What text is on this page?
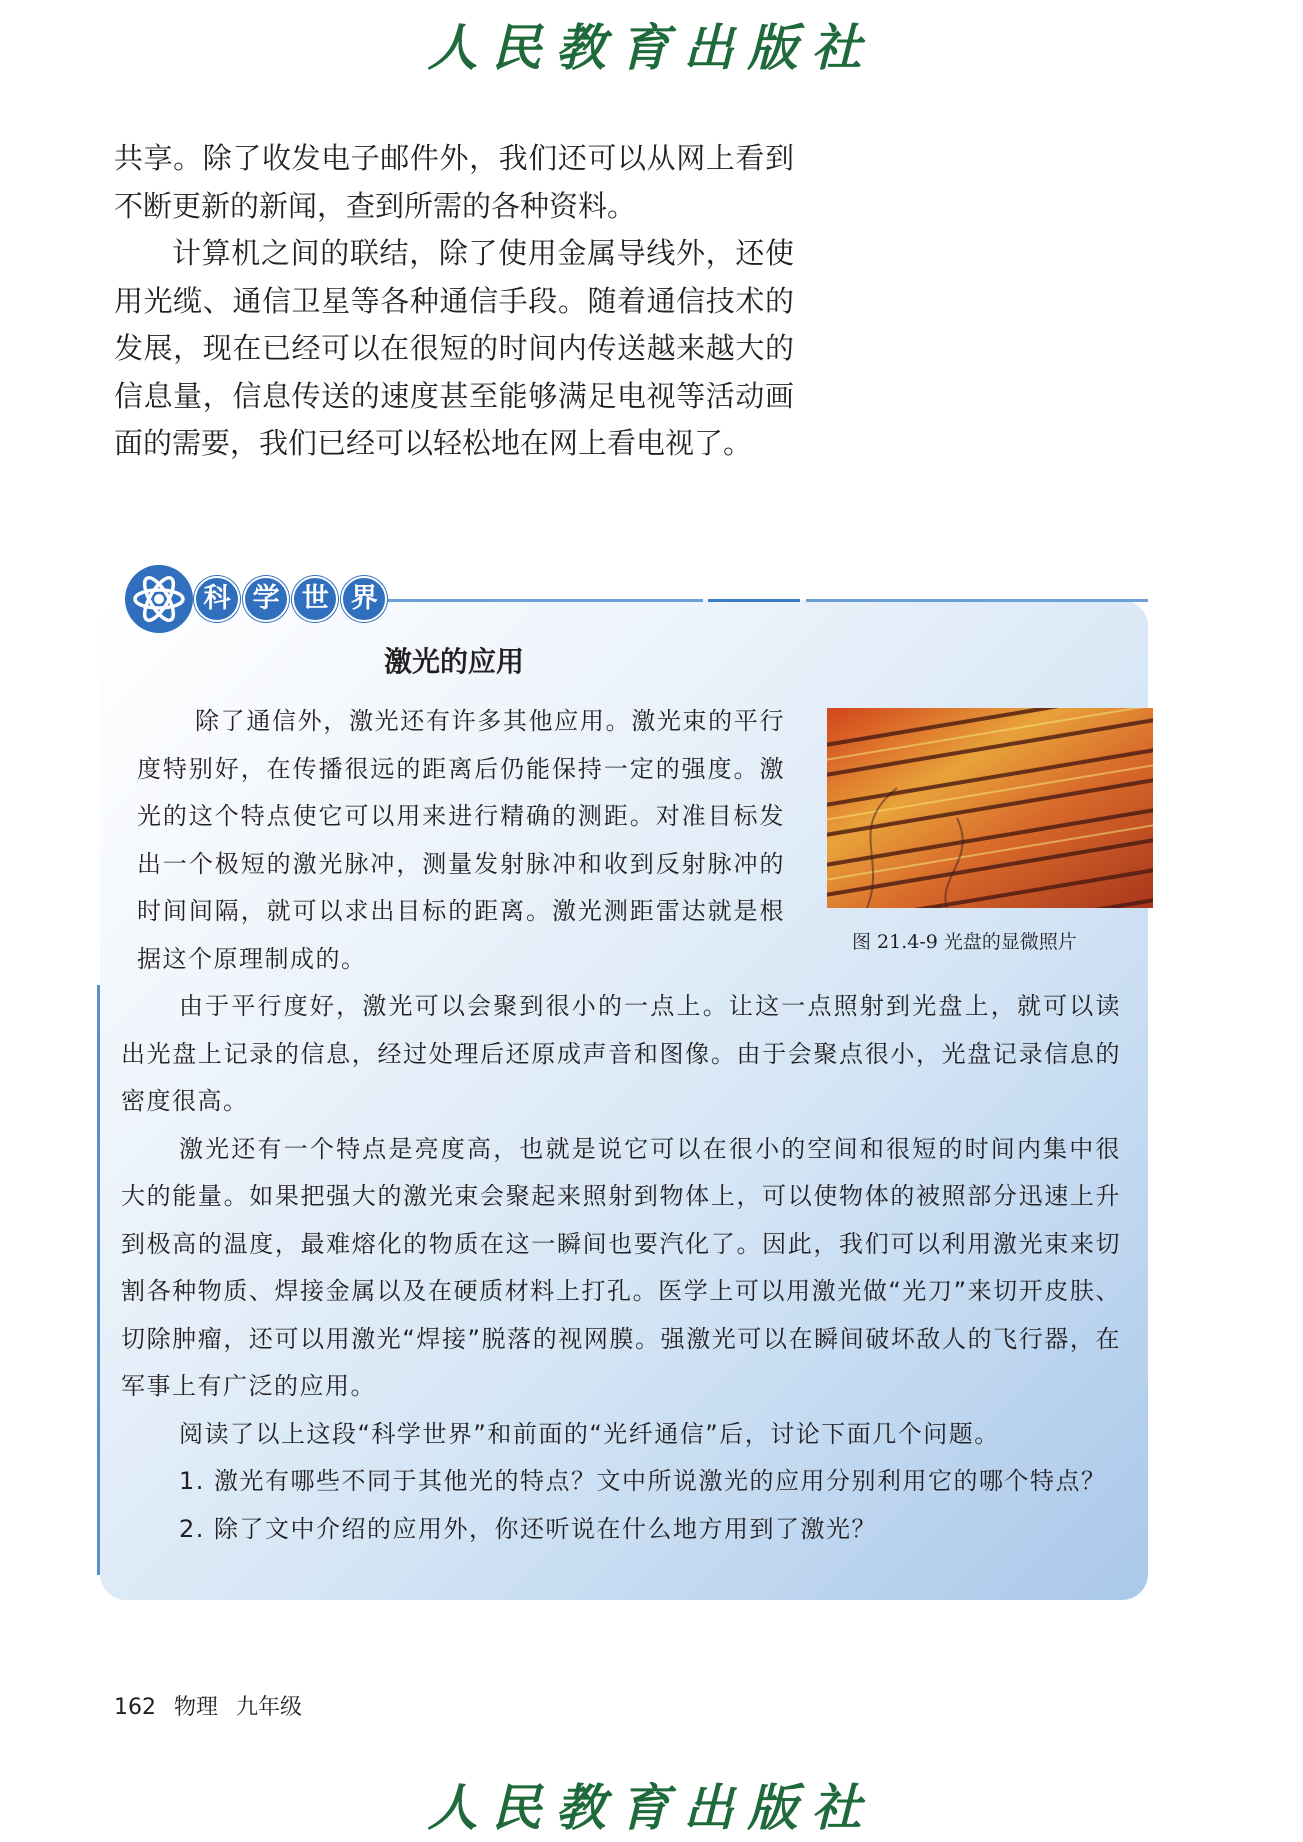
人民教育出版社

共享。除了收发电子邮件外，我们还可以从网上看到不断更新的新闻，查到所需的各种资料。

计算机之间的联结，除了使用金属导线外，还使用光缆、通信卫星等各种通信手段。随着通信技术的发展，现在已经可以在很短的时间内传送越来越大的信息量，信息传送的速度甚至能够满足电视等活动画面的需要，我们已经可以轻松地在网上看电视了。

科 学 世 界
激光的应用

除了通信外，激光还有许多其他应用。激光束的平行度特别好，在传播很远的距离后仍能保持一定的强度。激光的这个特点使它可以用来进行精确的测距。对准目标发出一个极短的激光脉冲，测量发射脉冲和收到反射脉冲的时间间隔，就可以求出目标的距离。激光测距雷达就是根据这个原理制成的。

图 21.4-9 光盘的显微照片

由于平行度好，激光可以会聚到很小的一点上。让这一点照射到光盘上，就可以读出光盘上记录的信息，经过处理后还原成声音和图像。由于会聚点很小，光盘记录信息的密度很高。

激光还有一个特点是亮度高，也就是说它可以在很小的空间和很短的时间内集中很大的能量。如果把强大的激光束会聚起来照射到物体上，可以使物体的被照部分迅速上升到极高的温度，最难熔化的物质在这一瞬间也要汽化了。因此，我们可以利用激光束来切割各种物质、焊接金属以及在硬质材料上打孔。医学上可以用激光做“光刀”来切开皮肤、切除肿瘤，还可以用激光“焊接”脱落的视网膜。强激光可以在瞬间破坏敌人的飞行器，在军事上有广泛的应用。

阅读了以上这段“科学世界”和前面的“光纤通信”后，讨论下面几个问题。

1. 激光有哪些不同于其他光的特点？文中所说激光的应用分别利用它的哪个特点？

2. 除了文中介绍的应用外，你还听说在什么地方用到了激光？

162 物理 九年级
人民教育出版社
